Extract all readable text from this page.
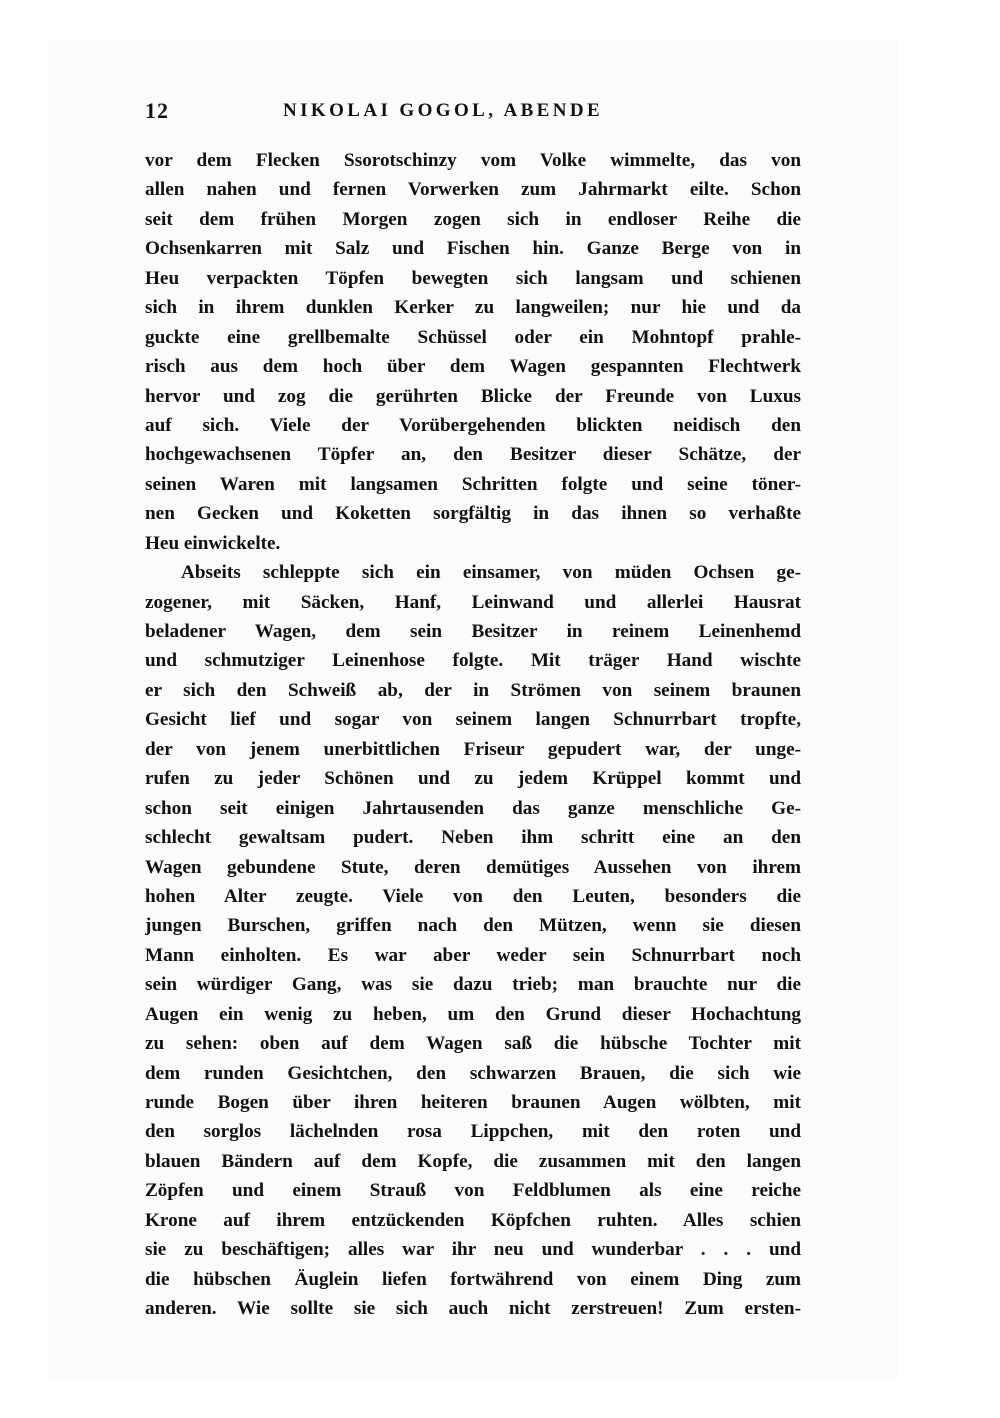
12	NIKOLAI GOGOL, ABENDE
vor dem Flecken Ssorotschinzy vom Volke wimmelte, das von
allen nahen und fernen Vorwerken zum Jahrmarkt eilte. Schon
seit dem frühen Morgen zogen sich in endloser Reihe die
Ochsenkarren mit Salz und Fischen hin. Ganze Berge von in
Heu verpackten Töpfen bewegten sich langsam und schienen
sich in ihrem dunklen Kerker zu langweilen; nur hie und da
guckte eine grellbemalte Schüssel oder ein Mohntopf prahle-
risch aus dem hoch über dem Wagen gespannten Flechtwerk
hervor und zog die gerührten Blicke der Freunde von Luxus
auf sich. Viele der Vorübergehenden blickten neidisch den
hochgewachsenen Töpfer an, den Besitzer dieser Schätze, der
seinen Waren mit langsamen Schritten folgte und seine töner-
nen Gecken und Koketten sorgfältig in das ihnen so verhaßte
Heu einwickelte.
Abseits schleppte sich ein einsamer, von müden Ochsen ge-
zogener, mit Säcken, Hanf, Leinwand und allerlei Hausrat
beladener Wagen, dem sein Besitzer in reinem Leinenhemd
und schmutziger Leinenhose folgte. Mit träger Hand wischte
er sich den Schweiß ab, der in Strömen von seinem braunen
Gesicht lief und sogar von seinem langen Schnurrbart tropfte,
der von jenem unerbittlichen Friseur gepudert war, der unge-
rufen zu jeder Schönen und zu jedem Krüppel kommt und
schon seit einigen Jahrtausenden das ganze menschliche Ge-
schlecht gewaltsam pudert. Neben ihm schritt eine an den
Wagen gebundene Stute, deren demütiges Aussehen von ihrem
hohen Alter zeugte. Viele von den Leuten, besonders die
jungen Burschen, griffen nach den Mützen, wenn sie diesen
Mann einholten. Es war aber weder sein Schnurrbart noch
sein würdiger Gang, was sie dazu trieb; man brauchte nur die
Augen ein wenig zu heben, um den Grund dieser Hochachtung
zu sehen: oben auf dem Wagen saß die hübsche Tochter mit
dem runden Gesichtchen, den schwarzen Brauen, die sich wie
runde Bogen über ihren heiteren braunen Augen wölbten, mit
den sorglos lächelnden rosa Lippchen, mit den roten und
blauen Bändern auf dem Kopfe, die zusammen mit den langen
Zöpfen und einem Strauß von Feldblumen als eine reiche
Krone auf ihrem entzückenden Köpfchen ruhten. Alles schien
sie zu beschäftigen; alles war ihr neu und wunderbar . . . und
die hübschen Äuglein liefen fortwährend von einem Ding zum
anderen. Wie sollte sie sich auch nicht zerstreuen! Zum ersten-
